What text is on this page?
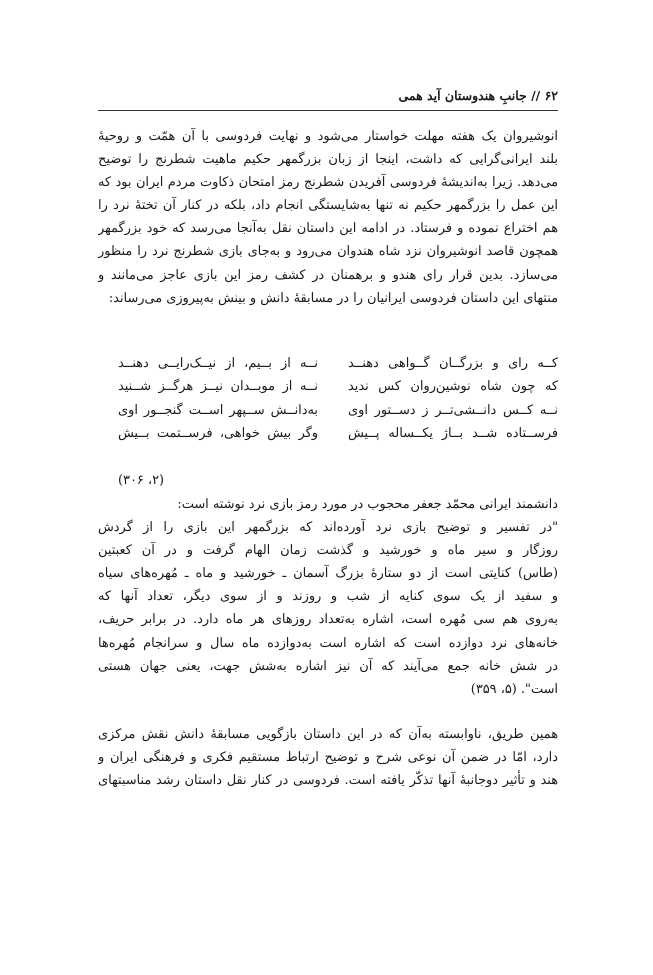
۶۲ // جانبِ هندوستان آید همی
انوشیروان یک هفته مهلت خواستار می‌شود و نهایت فردوسی با آن همّت و روحیهٔ
بلند ایرانی‌گرایی که داشت، اینجا از زبان بزرگمهر حکیم ماهیت شطرنج را توضیح
می‌دهد. زیرا به‌اندیشهٔ فردوسی آفریدن شطرنج رمز امتحان ذکاوت مردم ایران بود که
این عمل را بزرگمهر حکیم نه تنها به‌شایستگی انجام داد، بلکه در کنار آن تختهٔ نرد را
هم اختراع نموده و فرستاد. در ادامه این داستان نقل به‌آنجا می‌رسد که خود بزرگمهر
همچون قاصد انوشیروان نزد شاه هندوان می‌رود و به‌جای بازی شطرنج نرد را منظور
می‌سازد. بدین قرار رای هندو و برهمنان در کشف رمز این بازی عاجز می‌مانند و
منتهای این داستان فردوسی ایرانیان را در مسابقهٔ دانش و بینش به‌پیروزی می‌رساند:
کــه رای و بزرگــان گــواهی دهنــد
نــه از بــیم، از نیــک‌رایــی دهنــد
که چون شاه نوشین‌روان کس ندید
نــه از موبــدان نیــز هرگــز شــنید
نــه کــس دانــشی‌تــر ز دســتور اوی
به‌دانــش ســپهر اســت گنجــور اوی
فرســتاده شــد بــاژ یکــساله پــیش
وگر بیش خواهی، فرســتمت بــیش
(۲، ۳۰۶)
دانشمند ایرانی محمّد جعفر محجوب در مورد رمز بازی نرد نوشته است:
"در تفسیر و توضیح بازی نرد آورده‌اند که بزرگمهر این بازی را از گردش
روزگار و سیر ماه و خورشید و گذشت زمان الهام گرفت و در آن کعبتین
(طاس) کنایتی است از دو ستارهٔ بزرگ آسمان ـ خورشید و ماه ـ مُهره‌های سیاه
و سفید از یک سوی کنایه از شب و روزند و از سوی دیگر، تعداد آنها که
به‌روی هم سی مُهره است، اشاره به‌تعداد روزهای هر ماه دارد. در برابر حریف،
خانه‌های نرد دوازده است که اشاره است به‌دوازده ماه سال و سرانجام مُهره‌ها
در شش خانه جمع می‌آیند که آن نیز اشاره به‌شش جهت، یعنی جهان هستی
است". (۵، ۳۵۹)
همین طریق، ناوابسته به‌آن که در این داستان بازگویی مسابقهٔ دانش نقش مرکزی
دارد، امّا در ضمن آن نوعی شرح و توضیح ارتباط مستقیم فکری و فرهنگی ایران و
هند و تأثیر دوجانبهٔ آنها تذکّر یافته است. فردوسی در کنار نقل داستان رشد مناسبتهای
